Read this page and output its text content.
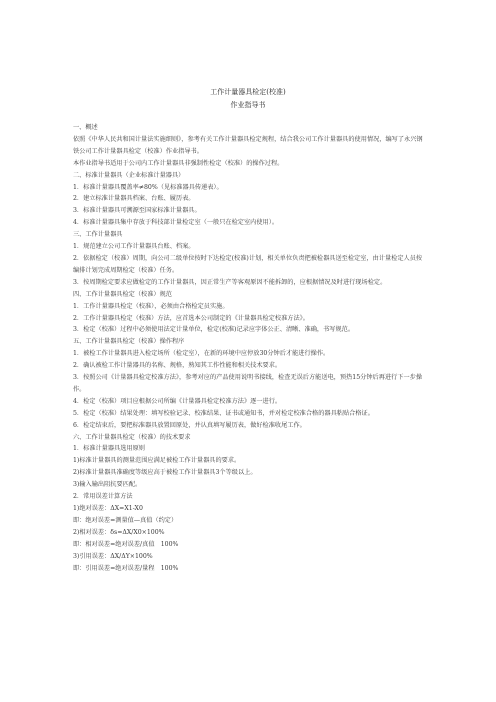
工作计量器具检定(校准)
作业指导书
一、概述
依照《中华人民共和国计量法实施细则》，参考有关工作计量器具检定规程，结合我公司工作计量器具的使用情况，编写了永兴钢铁公司工作计量器具检定（校准）作业指导书。
本作业指导书适用于公司内工作计量器具非强制性检定（校准）的操作过程。
二、标准计量器具（企业标准计量器具）
1．标准计量器具覆盖率≠80%（见标准器具传递表）。
2．建立标准计量器具档案、台账、履历表。
3．标准计量器具可溯源至国家标准计量器具。
4．标准计量器具集中存放于科技部计量检定室（一般只在检定室内使用）。
三、工作计量器具
1．规范建立公司工作计量器具台账、档案。
2．依据检定（校准）周期，向公司二级单位按时下达检定(校准)计划，相关单位负责把被检器具送至检定室，由计量检定人员按编排计划完成周期检定（校准）任务。
3．按周期检定要求应做检定的工作计量器具，因正常生产等客观原因不能拆卸的，应根据情况及时进行现场检定。
四、工作计量器具检定（校准）规范
1．工作计量器具检定（校准），必须由合格检定员实施。
2．工作计量器具检定（校准）方法，应首选本公司制定的《计量器具检定校准方法》。
3．检定（校准）过程中必须使用法定计量单位，检定(校准)记录应字体公正、清晰、准确，书写规范。
五、工作计量器具检定（校准）操作程序
1．被检工作计量器具进入检定场所（检定室），在新的环境中应停放30分钟后才能进行操作。
2．确认被检工作计量器具的名称、规格，熟知其工作性能和相关技术要求。
3．按照公司《计量器具检定校准方法》，参考对应的产品使用说明书接线，检查无误后方能送电，预热15分钟后再进行下一步操作。
4．检定（校准）项目应根据公司所编《计量器具检定校准方法》逐一进行。
5．检定（校准）结果处理：填写校验记录、校准结果、证书或通知书，并对检定校准合格的器具粘贴合格证。
6．检定结束后，要把标准器具放置回原处，并认真填写履历表，做好检准收尾工作。
六、工作计量器具检定（校准）的技术要求
1．标准计量器具选用原则
1)标准计量器具的测量范围应满足被检工作计量器具的要求。
2)标准计量器具准确度等级应高于被检工作计量器具3个等级以上。
3)输入输出阻抗要匹配。
2．常用误差计算方法
1)绝对误差：ΔX=X1-X0
即：绝对误差=测量值—真值（约定）
2)相对误差：δs=ΔX/X0×100%
即：相对误差=绝对误差/真值　100%
3)引用误差：ΔX/ΔY×100%
即：引用误差=绝对误差/量程　100%
